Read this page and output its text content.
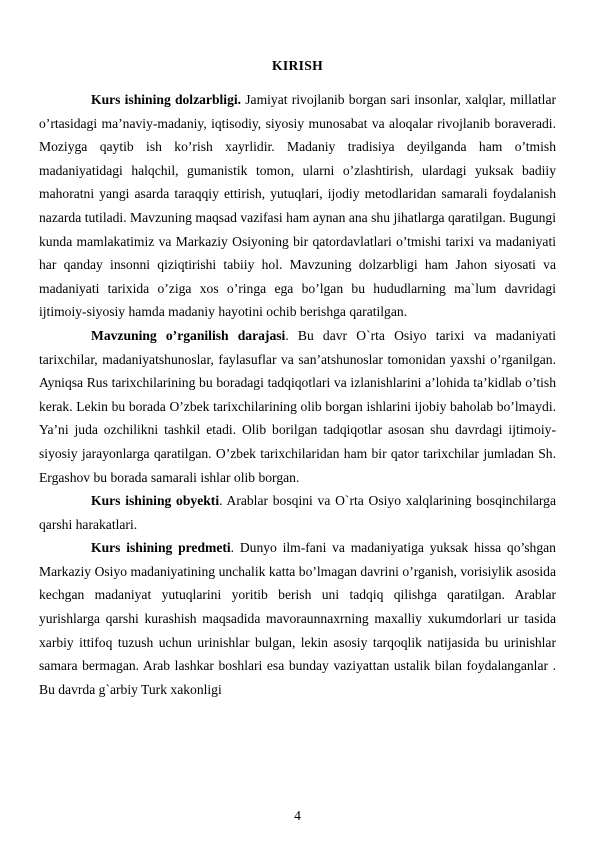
KIRISH

Kurs ishining dolzarbligi. Jamiyat rivojlanib borgan sari insonlar, xalqlar, millatlar o’rtasidagi ma’naviy-madaniy, iqtisodiy, siyosiy munosabat va aloqalar rivojlanib boraveradi. Moziyga qaytib ish ko’rish xayrlidir. Madaniy tradisiya deyilganda ham o’tmish madaniyatidagi halqchil, gumanistik tomon, ularni o’zlashtirish, ulardagi yuksak badiiy mahoratni yangi asarda taraqqiy ettirish, yutuqlari, ijodiy metodlaridan samarali foydalanish nazarda tutiladi. Mavzuning maqsad vazifasi ham aynan ana shu jihatlarga qaratilgan. Bugungi kunda mamlakatimiz va Markaziy Osiyoning bir qatordavlatlari o’tmishi tarixi va madaniyati har qanday insonni qiziqtirishi tabiiy hol. Mavzuning dolzarbligi ham Jahon siyosati va madaniyati tarixida o’ziga xos o’ringa ega bo’lgan bu hududlarning ma`lum davridagi ijtimoiy-siyosiy hamda madaniy hayotini ochib berishga qaratilgan.

Mavzuning o’rganilish darajasi. Bu davr O`rta Osiyo tarixi va madaniyati tarixchilar, madaniyatshunoslar, faylasuflar va san’atshunoslar tomonidan yaxshi o’rganilgan. Ayniqsa Rus tarixchilarining bu boradagi tadqiqotlari va izlanishlarini a’lohida ta’kidlab o’tish kerak. Lekin bu borada O’zbek tarixchilarining olib borgan ishlarini ijobiy baholab bo’lmaydi. Ya’ni juda ozchilikni tashkil etadi. Olib borilgan tadqiqotlar asosan shu davrdagi ijtimoiy-siyosiy jarayonlarga qaratilgan. O’zbek tarixchilaridan ham bir qator tarixchilar jumladan Sh. Ergashov bu borada samarali ishlar olib borgan.

Kurs ishining obyekti. Arablar bosqini va O`rta Osiyo xalqlarining bosqinchilarga qarshi harakatlari.

Kurs ishining predmeti. Dunyo ilm-fani va madaniyatiga yuksak hissa qo’shgan Markaziy Osiyo madaniyatining unchalik katta bo’lmagan davrini o’rganish, vorisiylik asosida kechgan madaniyat yutuqlarini yoritib berish uni tadqiq qilishga qaratilgan. Arablar yurishlarga qarshi kurashish maqsadida mavoraunnaxrning maxalliy xukumdorlari ur tasida xarbiy ittifoq tuzush uchun urinishlar bulgan, lekin asosiy tarqoqlik natijasida bu urinishlar samara bermagan. Arab lashkar boshlari esa bunday vaziyattan ustalik bilan foydalanganlar . Bu davrda g`arbiy Turk xakonligi

4
